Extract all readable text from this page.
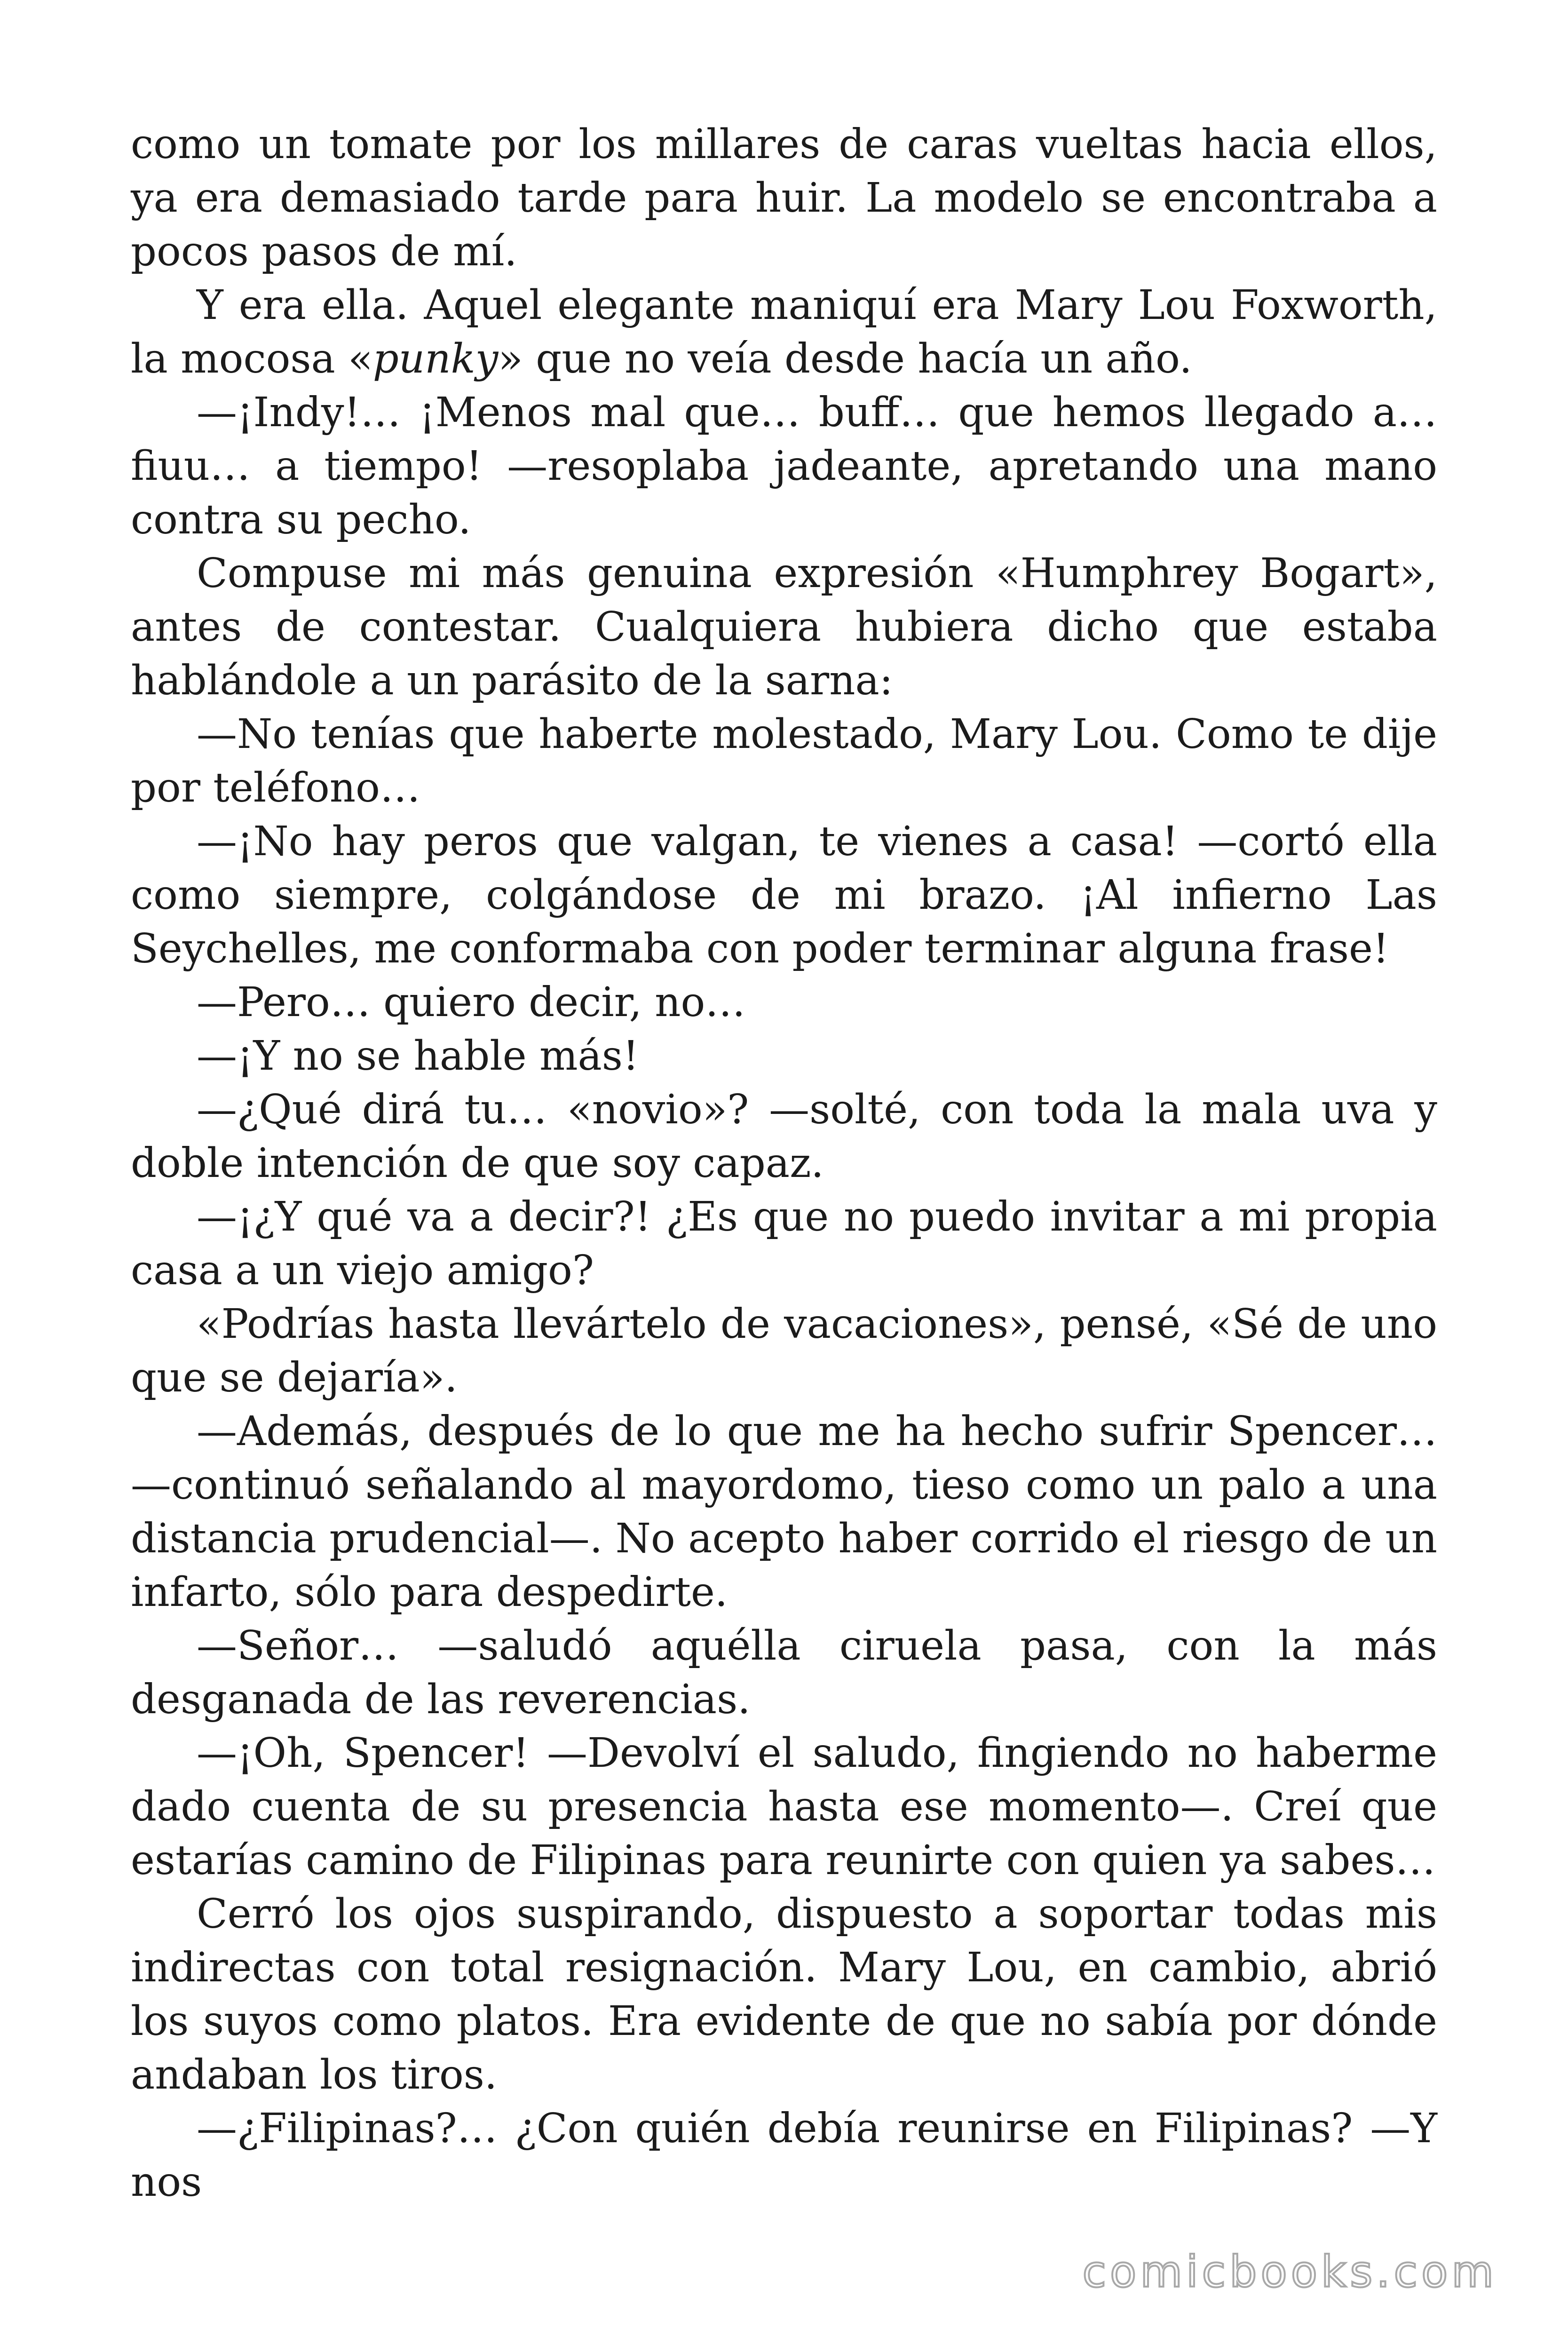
como un tomate por los millares de caras vueltas hacia ellos, ya era demasiado tarde para huir. La modelo se encontraba a pocos pasos de mí.

Y era ella. Aquel elegante maniquí era Mary Lou Foxworth, la mocosa «punky» que no veía desde hacía un año.

—¡Indy!… ¡Menos mal que… buff… que hemos llegado a… fiuu… a tiempo! —resoplaba jadeante, apretando una mano contra su pecho.

Compuse mi más genuina expresión «Humphrey Bogart», antes de contestar. Cualquiera hubiera dicho que estaba hablándole a un parásito de la sarna:

—No tenías que haberte molestado, Mary Lou. Como te dije por teléfono…

—¡No hay peros que valgan, te vienes a casa! —cortó ella como siempre, colgándose de mi brazo. ¡Al infierno Las Seychelles, me conformaba con poder terminar alguna frase!

—Pero… quiero decir, no…

—¡Y no se hable más!

—¿Qué dirá tu… «novio»? —solté, con toda la mala uva y doble intención de que soy capaz.

—¡¿Y qué va a decir?! ¿Es que no puedo invitar a mi propia casa a un viejo amigo?

«Podrías hasta llevártelo de vacaciones», pensé, «Sé de uno que se dejaría».

—Además, después de lo que me ha hecho sufrir Spencer… —continuó señalando al mayordomo, tieso como un palo a una distancia prudencial—. No acepto haber corrido el riesgo de un infarto, sólo para despedirte.

—Señor… —saludó aquélla ciruela pasa, con la más desganada de las reverencias.

—¡Oh, Spencer! —Devolví el saludo, fingiendo no haberme dado cuenta de su presencia hasta ese momento—. Creí que estarías camino de Filipinas para reunirte con quien ya sabes…

Cerró los ojos suspirando, dispuesto a soportar todas mis indirectas con total resignación. Mary Lou, en cambio, abrió los suyos como platos. Era evidente de que no sabía por dónde andaban los tiros.

—¿Filipinas?… ¿Con quién debía reunirse en Filipinas? —Y nos

comicbooks.com
